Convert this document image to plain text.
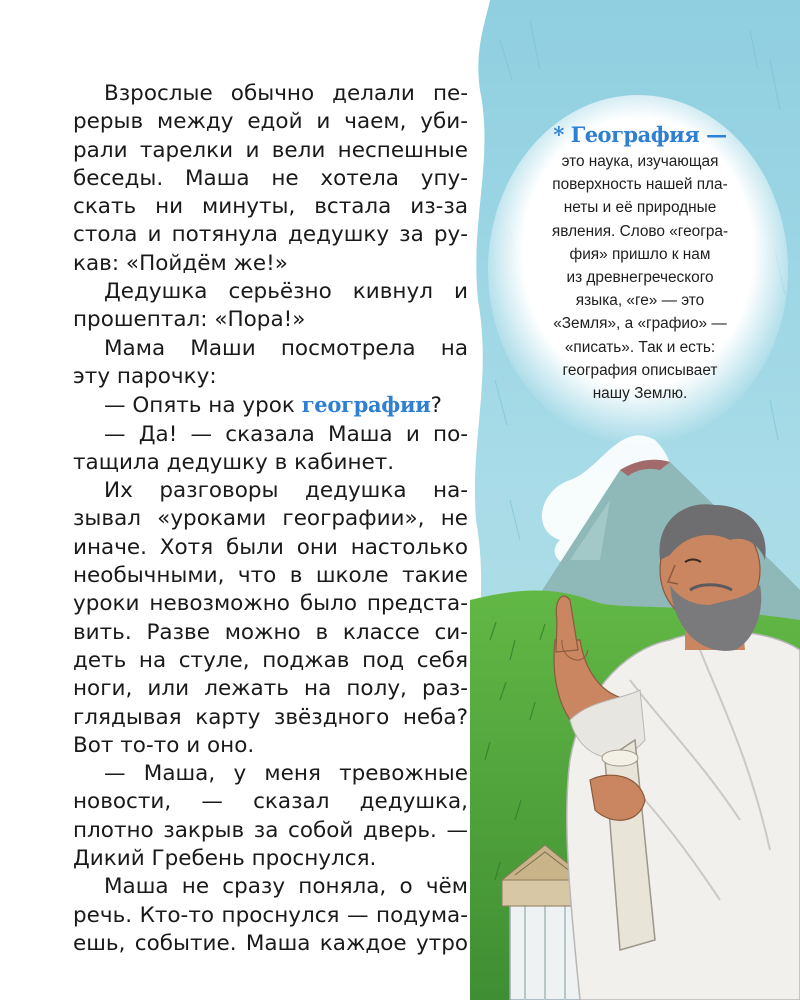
Взрослые обычно делали пе-
рерыв между едой и чаем, уби-
рали тарелки и вели неспешные
беседы. Маша не хотела упу-
скать ни минуты, встала из-за
стола и потянула дедушку за ру-
кав: «Пойдём же!»
Дедушка серьёзно кивнул и
прошептал: «Пора!»
Мама Маши посмотрела на
эту парочку:
— Опять на урок географии?
— Да! — сказала Маша и по-
тащила дедушку в кабинет.
Их разговоры дедушка на-
зывал «уроками географии», не
иначе. Хотя были они настолько
необычными, что в школе такие
уроки невозможно было предста-
вить. Разве можно в классе си-
деть на стуле, поджав под себя
ноги, или лежать на полу, раз-
глядывая карту звёздного неба?
Вот то-то и оно.
— Маша, у меня тревожные
новости, — сказал дедушка,
плотно закрыв за собой дверь. —
Дикий Гребень проснулся.
Маша не сразу поняла, о чём
речь. Кто-то проснулся — подума-
ешь, событие. Маша каждое утро
* География —
это наука, изучающая
поверхность нашей пла-
неты и её природные
явления. Слово «геогра-
фия» пришло к нам
из древнегреческого
языка, «ге» — это
«Земля», а «графио» —
«писать». Так и есть:
география описывает
нашу Землю.
